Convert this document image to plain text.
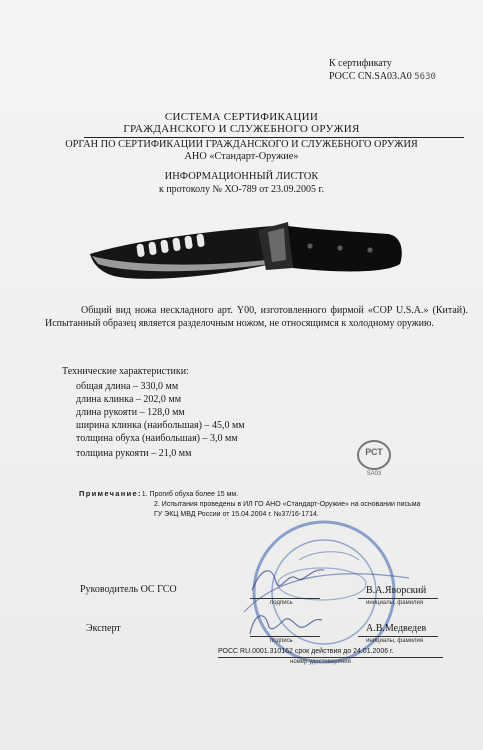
К сертификату
РОСС CN.SA03.А0 5630
СИСТЕМА СЕРТИФИКАЦИИ
ГРАЖДАНСКОГО И СЛУЖЕБНОГО ОРУЖИЯ
ОРГАН ПО СЕРТИФИКАЦИИ ГРАЖДАНСКОГО И СЛУЖЕБНОГО ОРУЖИЯ
АНО «Стандарт-Оружие»
ИНФОРМАЦИОННЫЙ ЛИСТОК
к протоколу № ХО-789 от 23.09.2005 г.
Общий вид ножа нескладного арт. Y00, изготовленного фирмой «COP U.S.A.» (Китай). Испытанный образец является разделочным ножом, не относящимся к холодному оружию.
Технические характеристики:
общая длина – 330,0 мм
длина клинка – 202,0 мм
длина рукояти – 128,0 мм
ширина клинка (наибольшая) – 45,0 мм
толщина обуха (наибольшая) – 3,0 мм
толщина рукояти – 21,0 мм	РСТ
SA03
Примечание:1. Прогиб обуха более 15 мм.
2. Испытания проведены в ИЛ ГО АНО «Стандарт-Оружие» на основании письма
ГУ ЭКЦ МВД России от 15.04.2004 г. №37/16-1714.
Руководитель ОС ГСО
подпись
В.А.Яворский
инициалы, фамилия
Эксперт
подпись
А.В.Медведев
инициалы, фамилия
РОСС RU.0001.310162 срок действия до 24.01.2006 г.
номер удостоверения
